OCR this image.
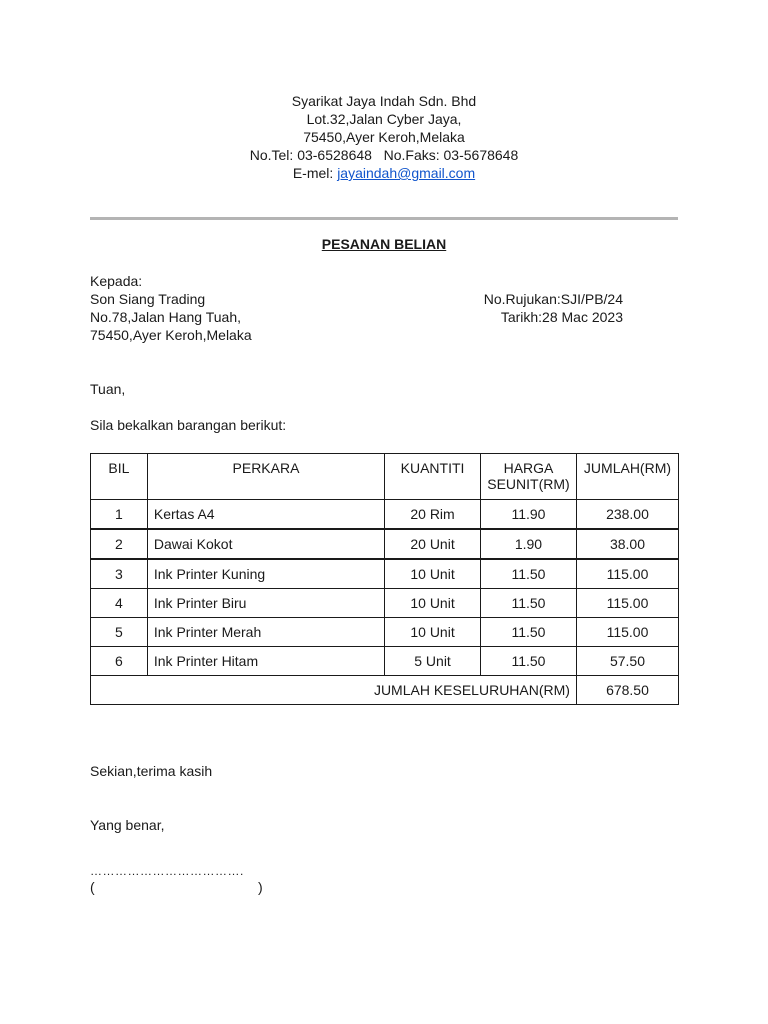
Syarikat Jaya Indah Sdn. Bhd
Lot.32,Jalan Cyber Jaya,
75450,Ayer Keroh,Melaka
No.Tel: 03-6528648   No.Faks: 03-5678648
E-mel: jayaindah@gmail.com
PESANAN BELIAN
Kepada:
Son Siang Trading
No.78,Jalan Hang Tuah,
75450,Ayer Keroh,Melaka
No.Rujukan:SJI/PB/24
Tarikh:28 Mac 2023
Tuan,
Sila bekalkan barangan berikut:
BIL	PERKARA	KUANTITI	HARGA SEUNIT(RM)	JUMLAH(RM)
1	Kertas A4	20 Rim	11.90	238.00
2	Dawai Kokot	20 Unit	1.90	38.00
3	Ink Printer Kuning	10 Unit	11.50	115.00
4	Ink Printer Biru	10 Unit	11.50	115.00
5	Ink Printer Merah	10 Unit	11.50	115.00
6	Ink Printer Hitam	5 Unit	11.50	57.50
JUMLAH KESELURUHAN(RM)				678.50
Sekian,terima kasih
Yang benar,
……………………………….
(	)
